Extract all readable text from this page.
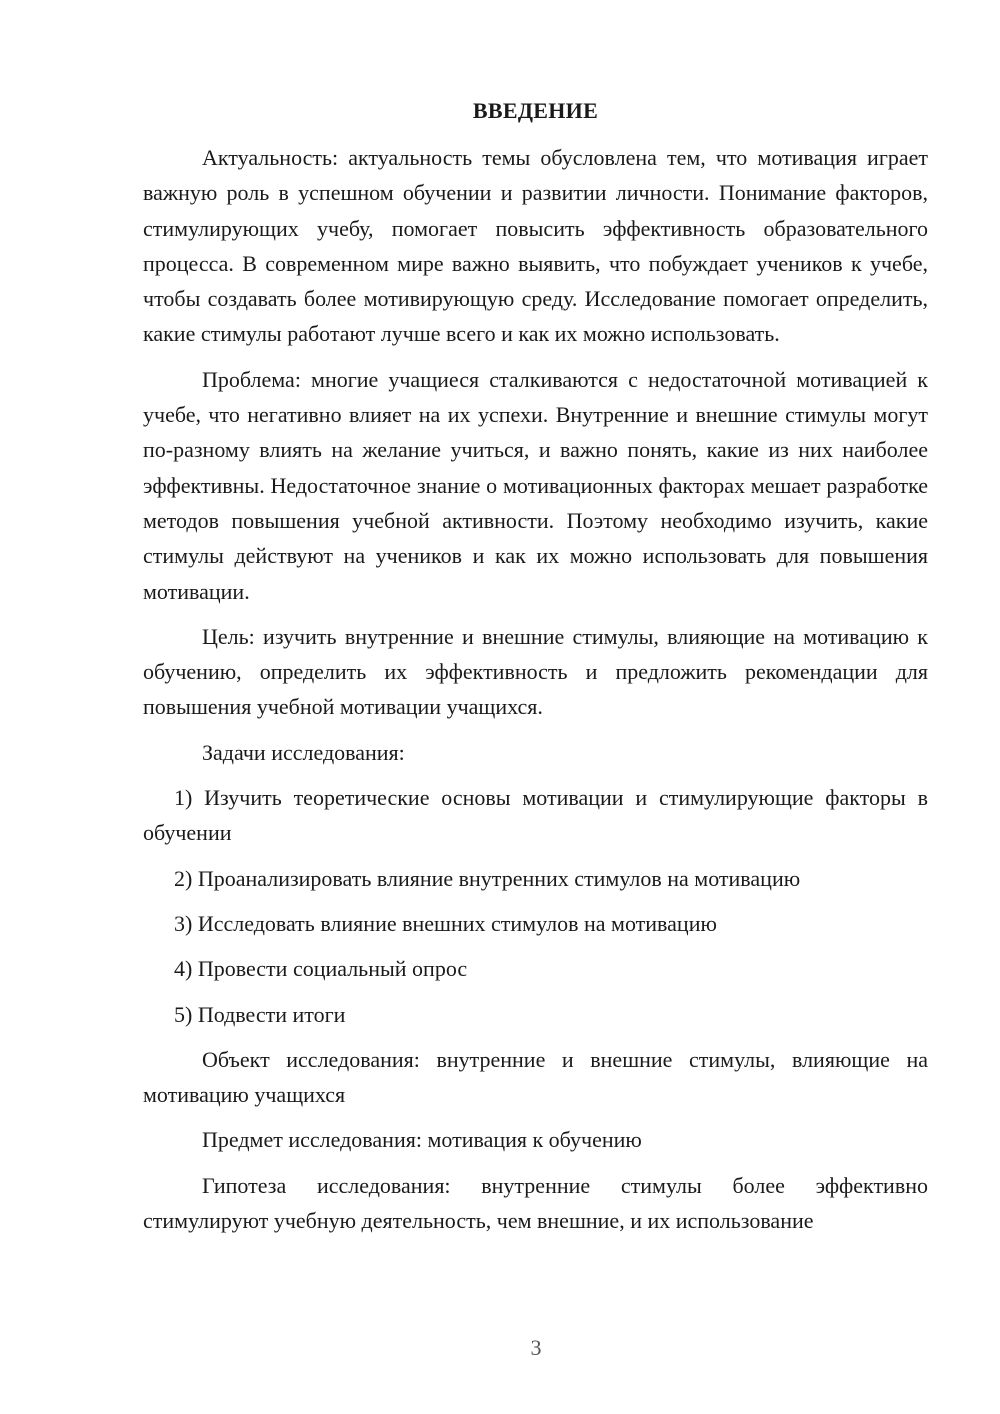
ВВЕДЕНИЕ

Актуальность: актуальность темы обусловлена тем, что мотивация играет важную роль в успешном обучении и развитии личности. Понимание факторов, стимулирующих учебу, помогает повысить эффективность образовательного процесса. В современном мире важно выявить, что побуждает учеников к учебе, чтобы создавать более мотивирующую среду. Исследование помогает определить, какие стимулы работают лучше всего и как их можно использовать.

Проблема: многие учащиеся сталкиваются с недостаточной мотивацией к учебе, что негативно влияет на их успехи. Внутренние и внешние стимулы могут по-разному влиять на желание учиться, и важно понять, какие из них наиболее эффективны. Недостаточное знание о мотивационных факторах мешает разработке методов повышения учебной активности. Поэтому необходимо изучить, какие стимулы действуют на учеников и как их можно использовать для повышения мотивации.

Цель: изучить внутренние и внешние стимулы, влияющие на мотивацию к обучению, определить их эффективность и предложить рекомендации для повышения учебной мотивации учащихся.

Задачи исследования:

1) Изучить теоретические основы мотивации и стимулирующие факторы в обучении

2) Проанализировать влияние внутренних стимулов на мотивацию

3) Исследовать влияние внешних стимулов на мотивацию

4) Провести социальный опрос

5) Подвести итоги

Объект исследования: внутренние и внешние стимулы, влияющие на мотивацию учащихся

Предмет исследования: мотивация к обучению

Гипотеза исследования: внутренние стимулы более эффективно стимулируют учебную деятельность, чем внешние, и их использование

3
